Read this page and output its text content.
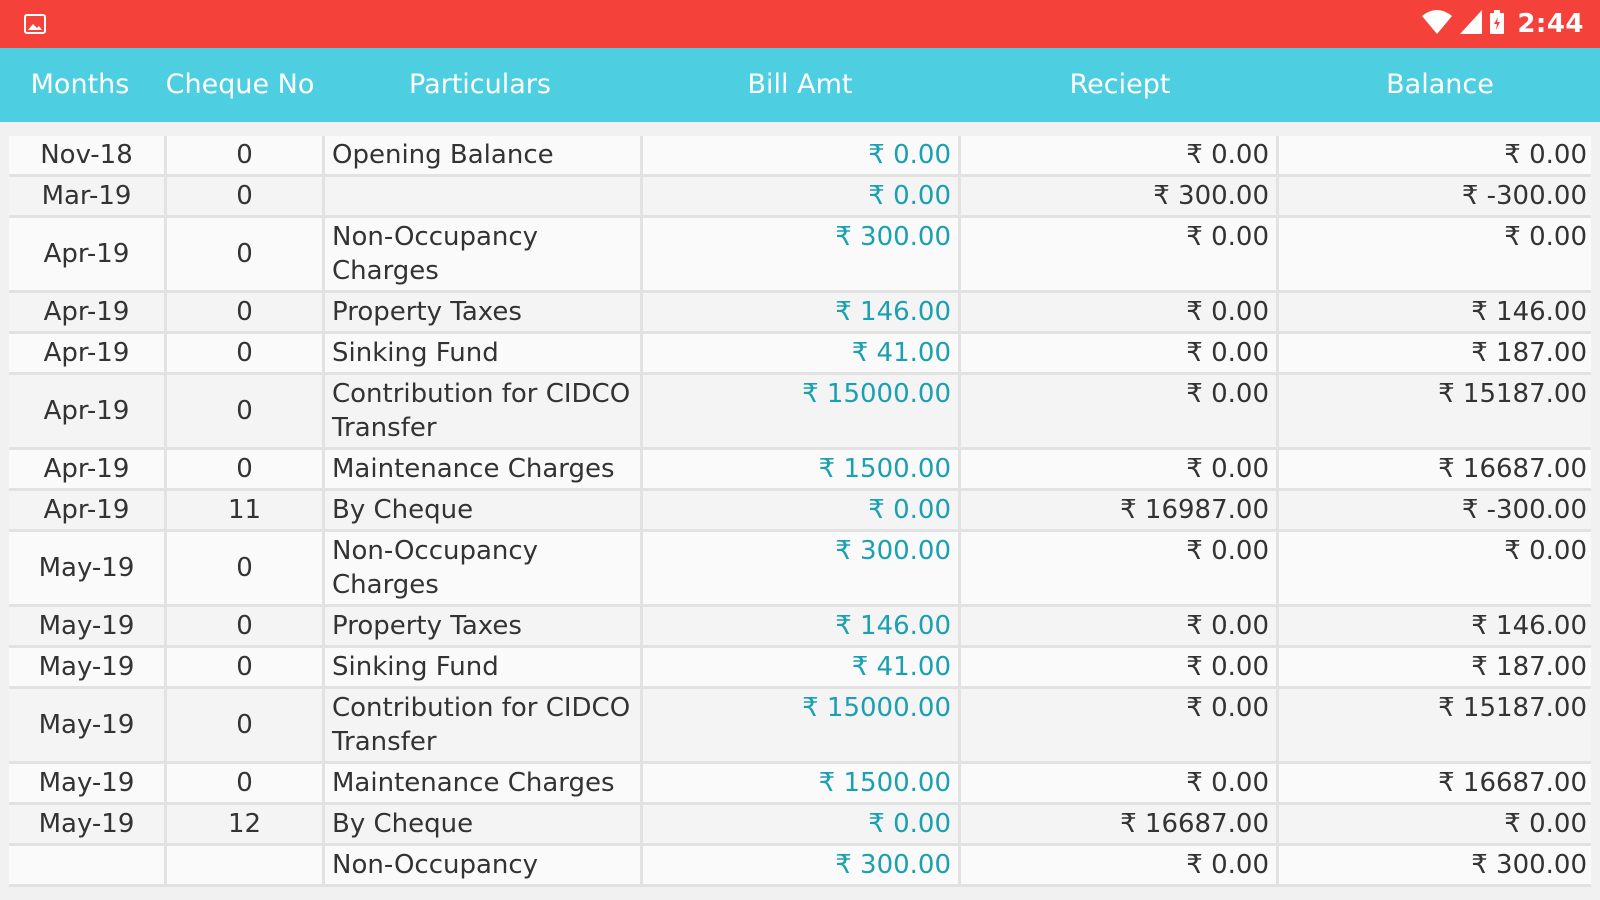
2:44
Months	Cheque No	Particulars	Bill Amt	Reciept	Balance
Nov-18	0	Opening Balance	₹ 0.00	₹ 0.00	₹ 0.00
Mar-19	0		₹ 0.00	₹ 300.00	₹ -300.00
Apr-19	0	Non-Occupancy Charges	₹ 300.00	₹ 0.00	₹ 0.00
Apr-19	0	Property Taxes	₹ 146.00	₹ 0.00	₹ 146.00
Apr-19	0	Sinking Fund	₹ 41.00	₹ 0.00	₹ 187.00
Apr-19	0	Contribution for CIDCO Transfer	₹ 15000.00	₹ 0.00	₹ 15187.00
Apr-19	0	Maintenance Charges	₹ 1500.00	₹ 0.00	₹ 16687.00
Apr-19	11	By Cheque	₹ 0.00	₹ 16987.00	₹ -300.00
May-19	0	Non-Occupancy Charges	₹ 300.00	₹ 0.00	₹ 0.00
May-19	0	Property Taxes	₹ 146.00	₹ 0.00	₹ 146.00
May-19	0	Sinking Fund	₹ 41.00	₹ 0.00	₹ 187.00
May-19	0	Contribution for CIDCO Transfer	₹ 15000.00	₹ 0.00	₹ 15187.00
May-19	0	Maintenance Charges	₹ 1500.00	₹ 0.00	₹ 16687.00
May-19	12	By Cheque	₹ 0.00	₹ 16687.00	₹ 0.00
		Non-Occupancy	₹ 300.00	₹ 0.00	₹ 300.00
